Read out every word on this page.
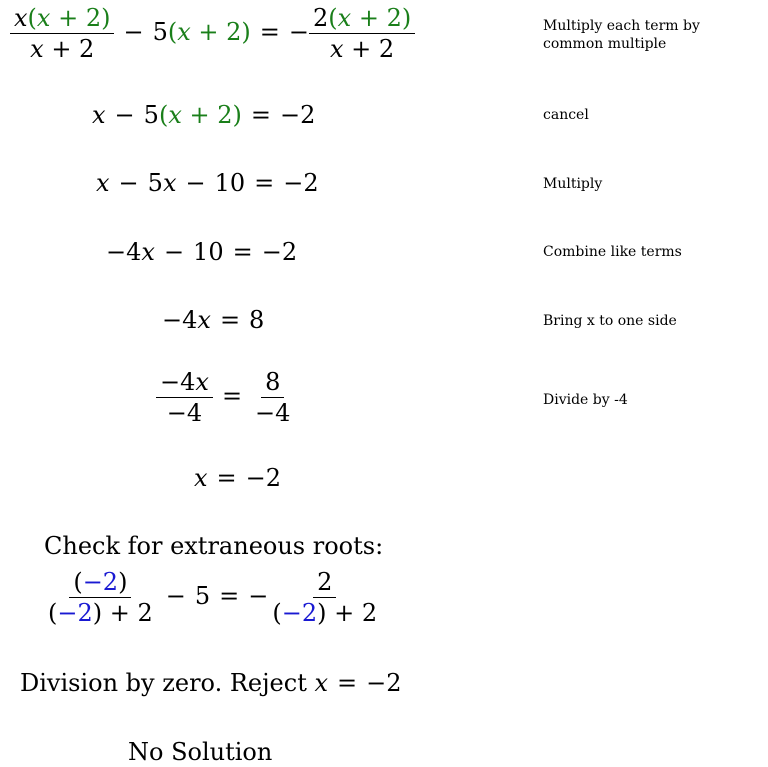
$\frac{x(x + 2)}{x + 2} - 5(x + 2)$ = − $\frac{2(x + 2)}{x + 2}$	Multiply each term by common multiple
x − 5(x + 2) = −2	cancel
x − 5x − 10 = −2	Multiply
−4x − 10 = −2	Combine like terms
−4x = 8	Bring x to one side
$\frac{-4x}{-4} = \frac{8}{-4}$	Divide by -4
x = −2
Check for extraneous roots:
$\frac{(-2)}{(-2) + 2} - 5$ = − $\frac{2}{(-2) + 2}$
Division by zero. Reject x = −2
No Solution
